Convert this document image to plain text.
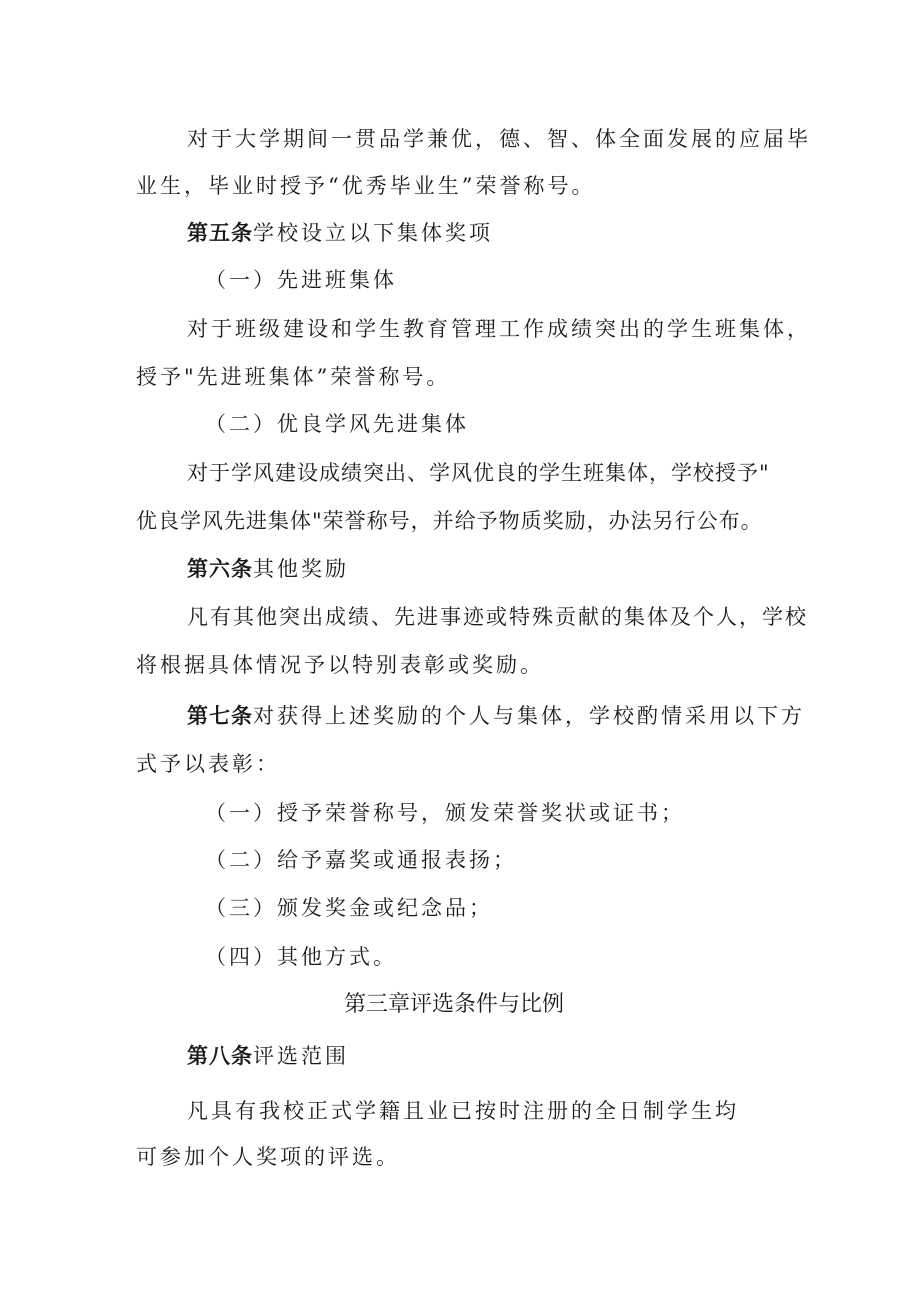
对于大学期间一贯品学兼优，德、智、体全面发展的应届毕
业生，毕业时授予“优秀毕业生”荣誉称号。
第五条学校设立以下集体奖项
（一）先进班集体
对于班级建设和学生教育管理工作成绩突出的学生班集体，
授予"先进班集体”荣誉称号。
（二）优良学风先进集体
对于学风建设成绩突出、学风优良的学生班集体，学校授予"
优良学风先进集体"荣誉称号，并给予物质奖励，办法另行公布。
第六条其他奖励
凡有其他突出成绩、先进事迹或特殊贡献的集体及个人，学校
将根据具体情况予以特别表彰或奖励。
第七条对获得上述奖励的个人与集体，学校酌情采用以下方
式予以表彰：
（一）授予荣誉称号，颁发荣誉奖状或证书；
（二）给予嘉奖或通报表扬；
（三）颁发奖金或纪念品；
（四）其他方式。
第三章评选条件与比例
第八条评选范围
凡具有我校正式学籍且业已按时注册的全日制学生均
可参加个人奖项的评选。
